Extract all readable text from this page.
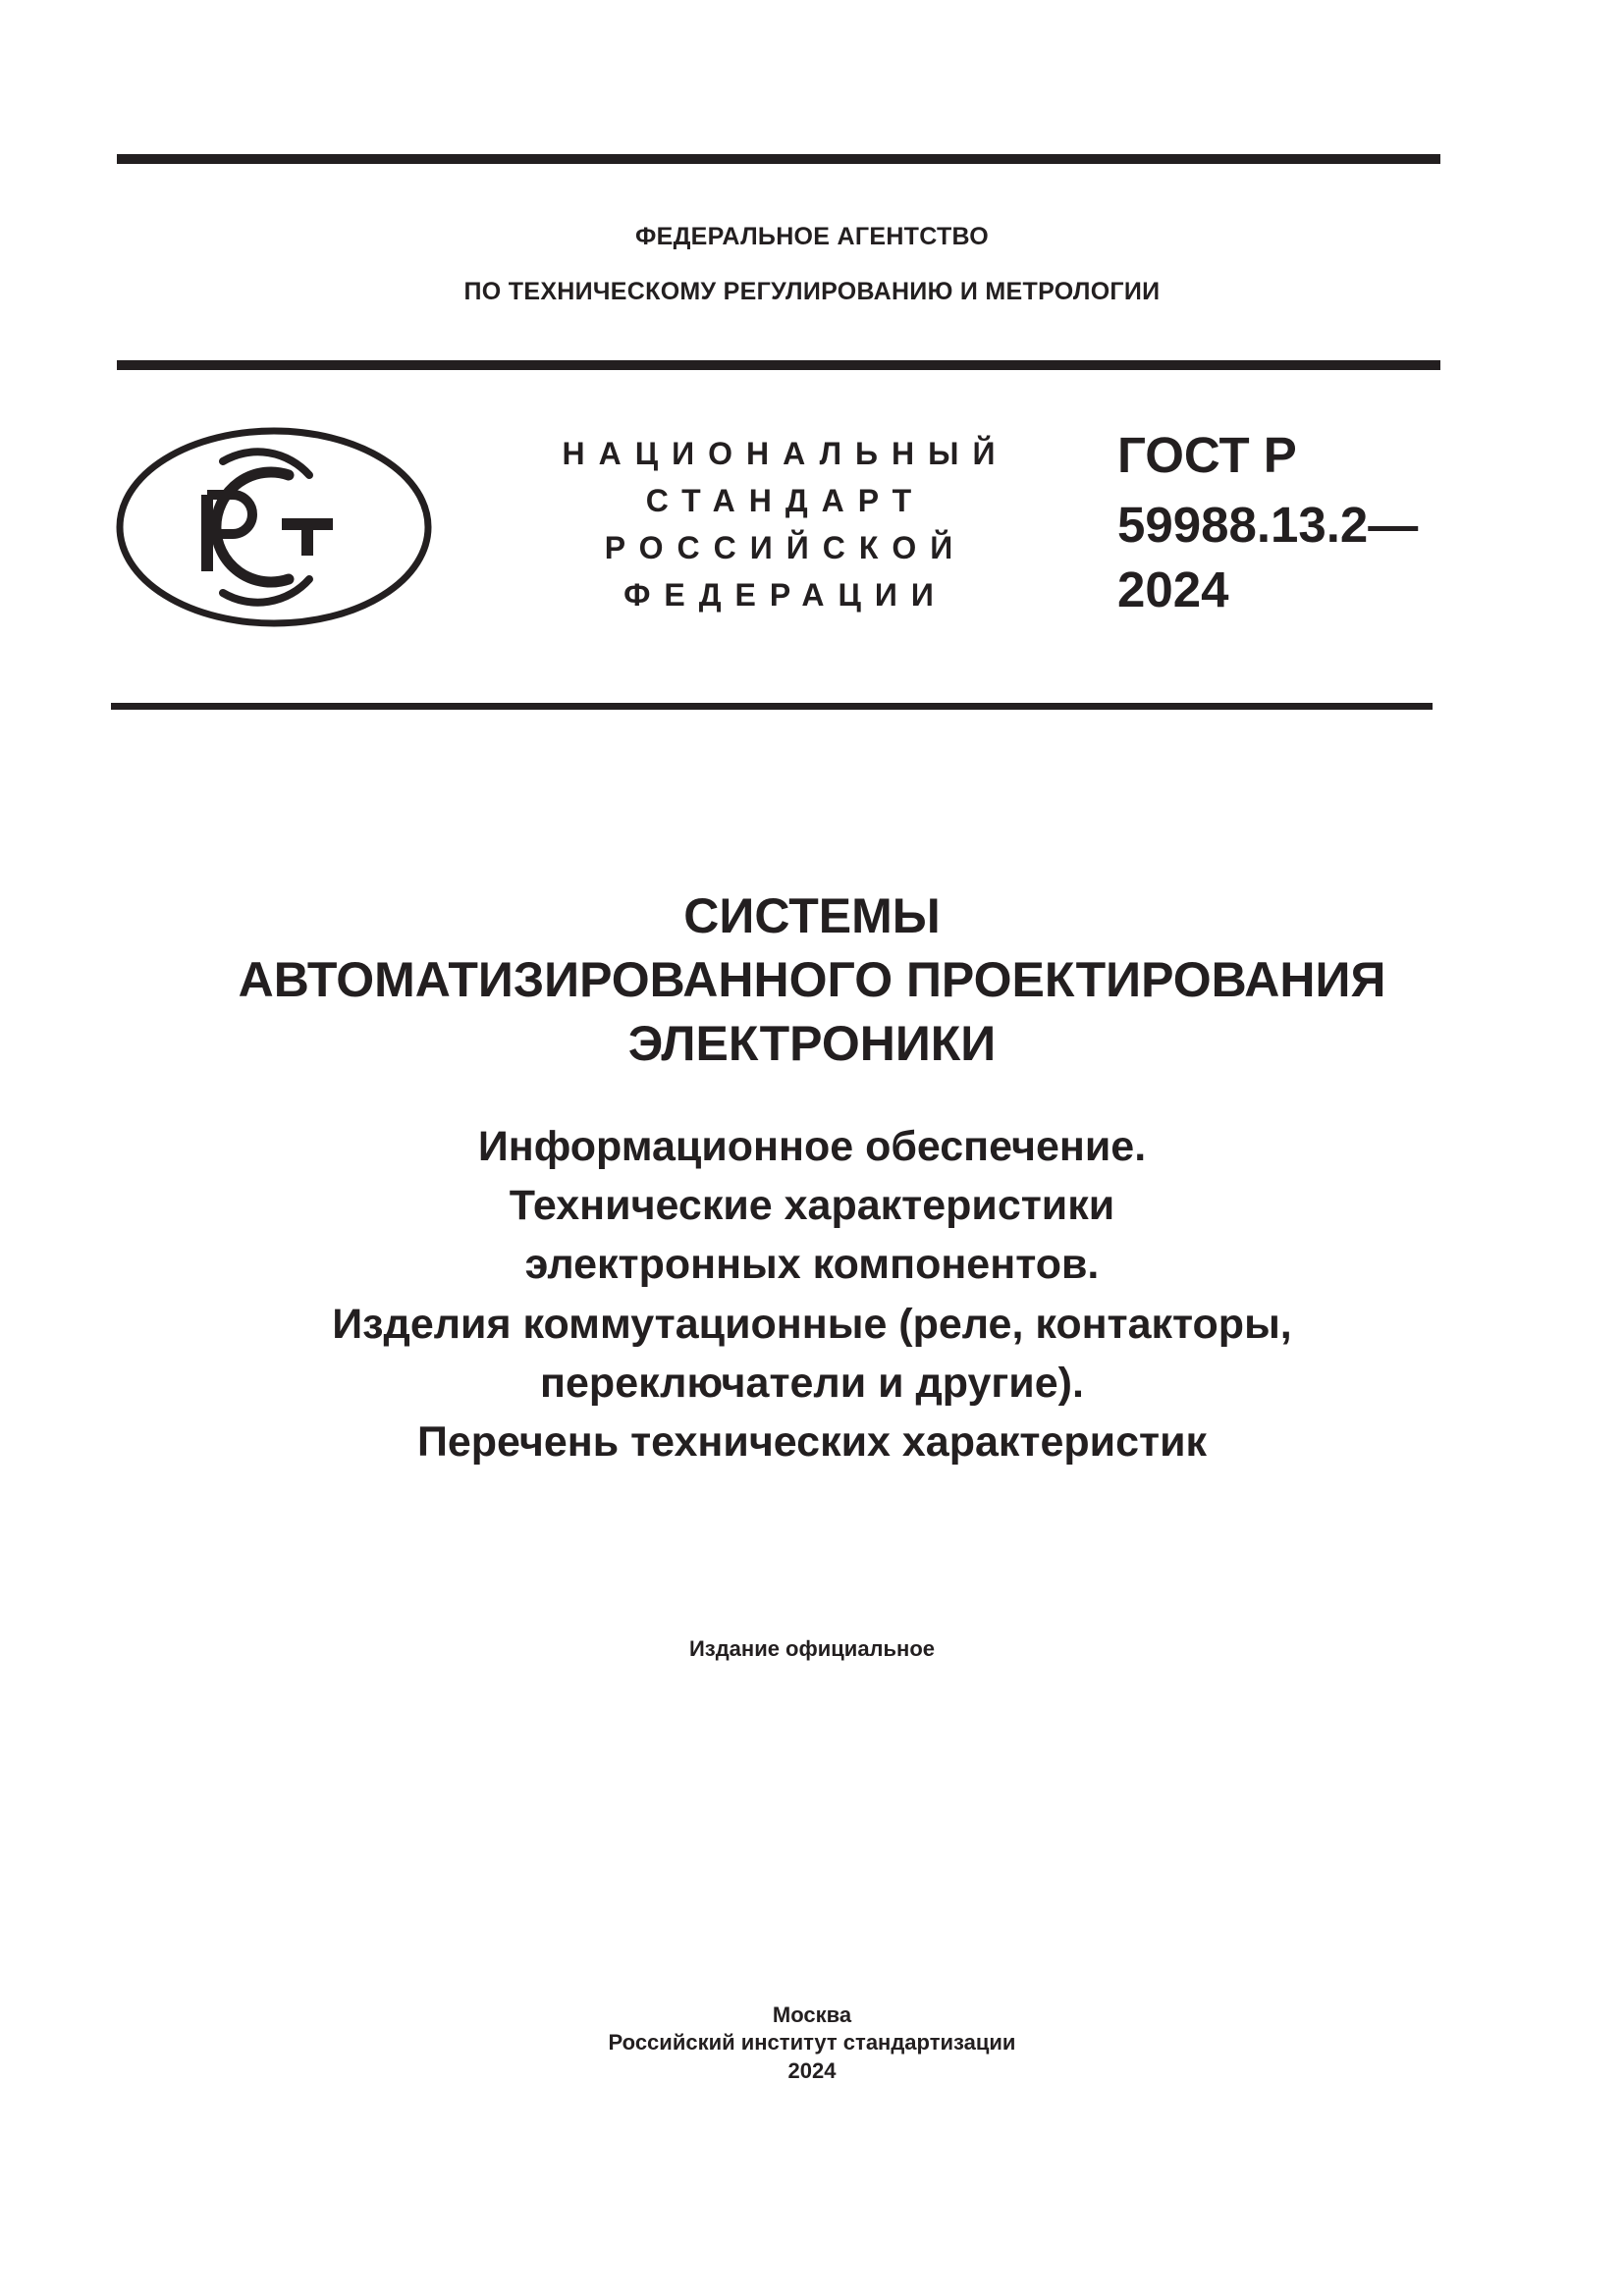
ФЕДЕРАЛЬНОЕ АГЕНТСТВО
ПО ТЕХНИЧЕСКОМУ РЕГУЛИРОВАНИЮ И МЕТРОЛОГИИ
НАЦИОНАЛЬНЫЙ
СТАНДАРТ
РОССИЙСКОЙ
ФЕДЕРАЦИИ
ГОСТ Р
59988.13.2—
2024
СИСТЕМЫ
АВТОМАТИЗИРОВАННОГО ПРОЕКТИРОВАНИЯ
ЭЛЕКТРОНИКИ
Информационное обеспечение.
Технические характеристики
электронных компонентов.
Изделия коммутационные (реле, контакторы,
переключатели и другие).
Перечень технических характеристик
Издание официальное
Москва
Российский институт стандартизации
2024
